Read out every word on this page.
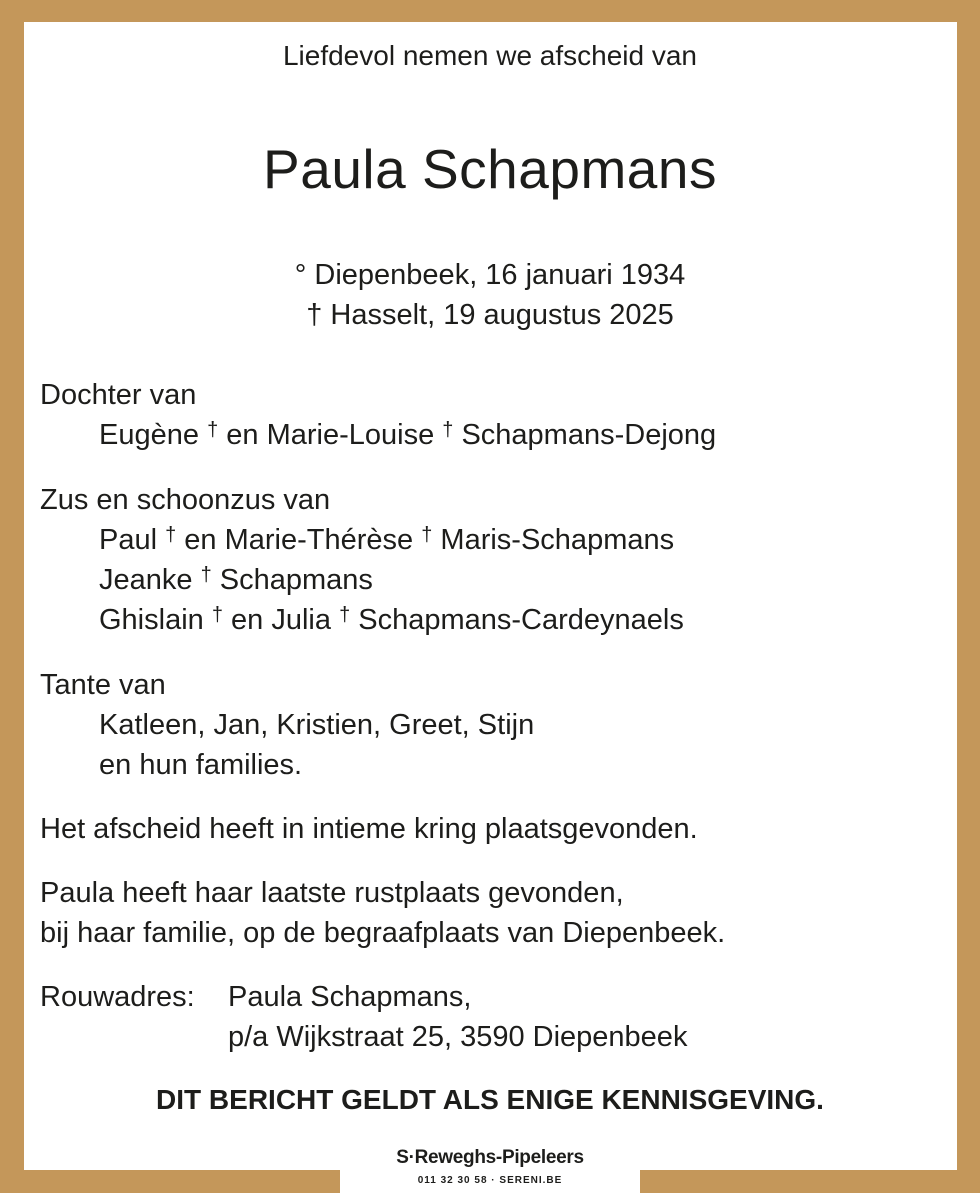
Liefdevol nemen we afscheid van
Paula Schapmans
° Diepenbeek, 16 januari 1934
† Hasselt, 19 augustus 2025
Dochter van
Eugène † en Marie-Louise † Schapmans-Dejong
Zus en schoonzus van
Paul † en Marie-Thérèse † Maris-Schapmans
Jeanke † Schapmans
Ghislain † en Julia † Schapmans-Cardeynaels
Tante van
Katleen, Jan, Kristien, Greet, Stijn
en hun families.
Het afscheid heeft in intieme kring plaatsgevonden.
Paula heeft haar laatste rustplaats gevonden,
bij haar familie, op de begraafplaats van Diepenbeek.
Rouwadres: Paula Schapmans,
p/a Wijkstraat 25, 3590 Diepenbeek
DIT BERICHT GELDT ALS ENIGE KENNISGEVING.
S·Reweghs-Pipeleers
011 32 30 58 · SERENI.BE
